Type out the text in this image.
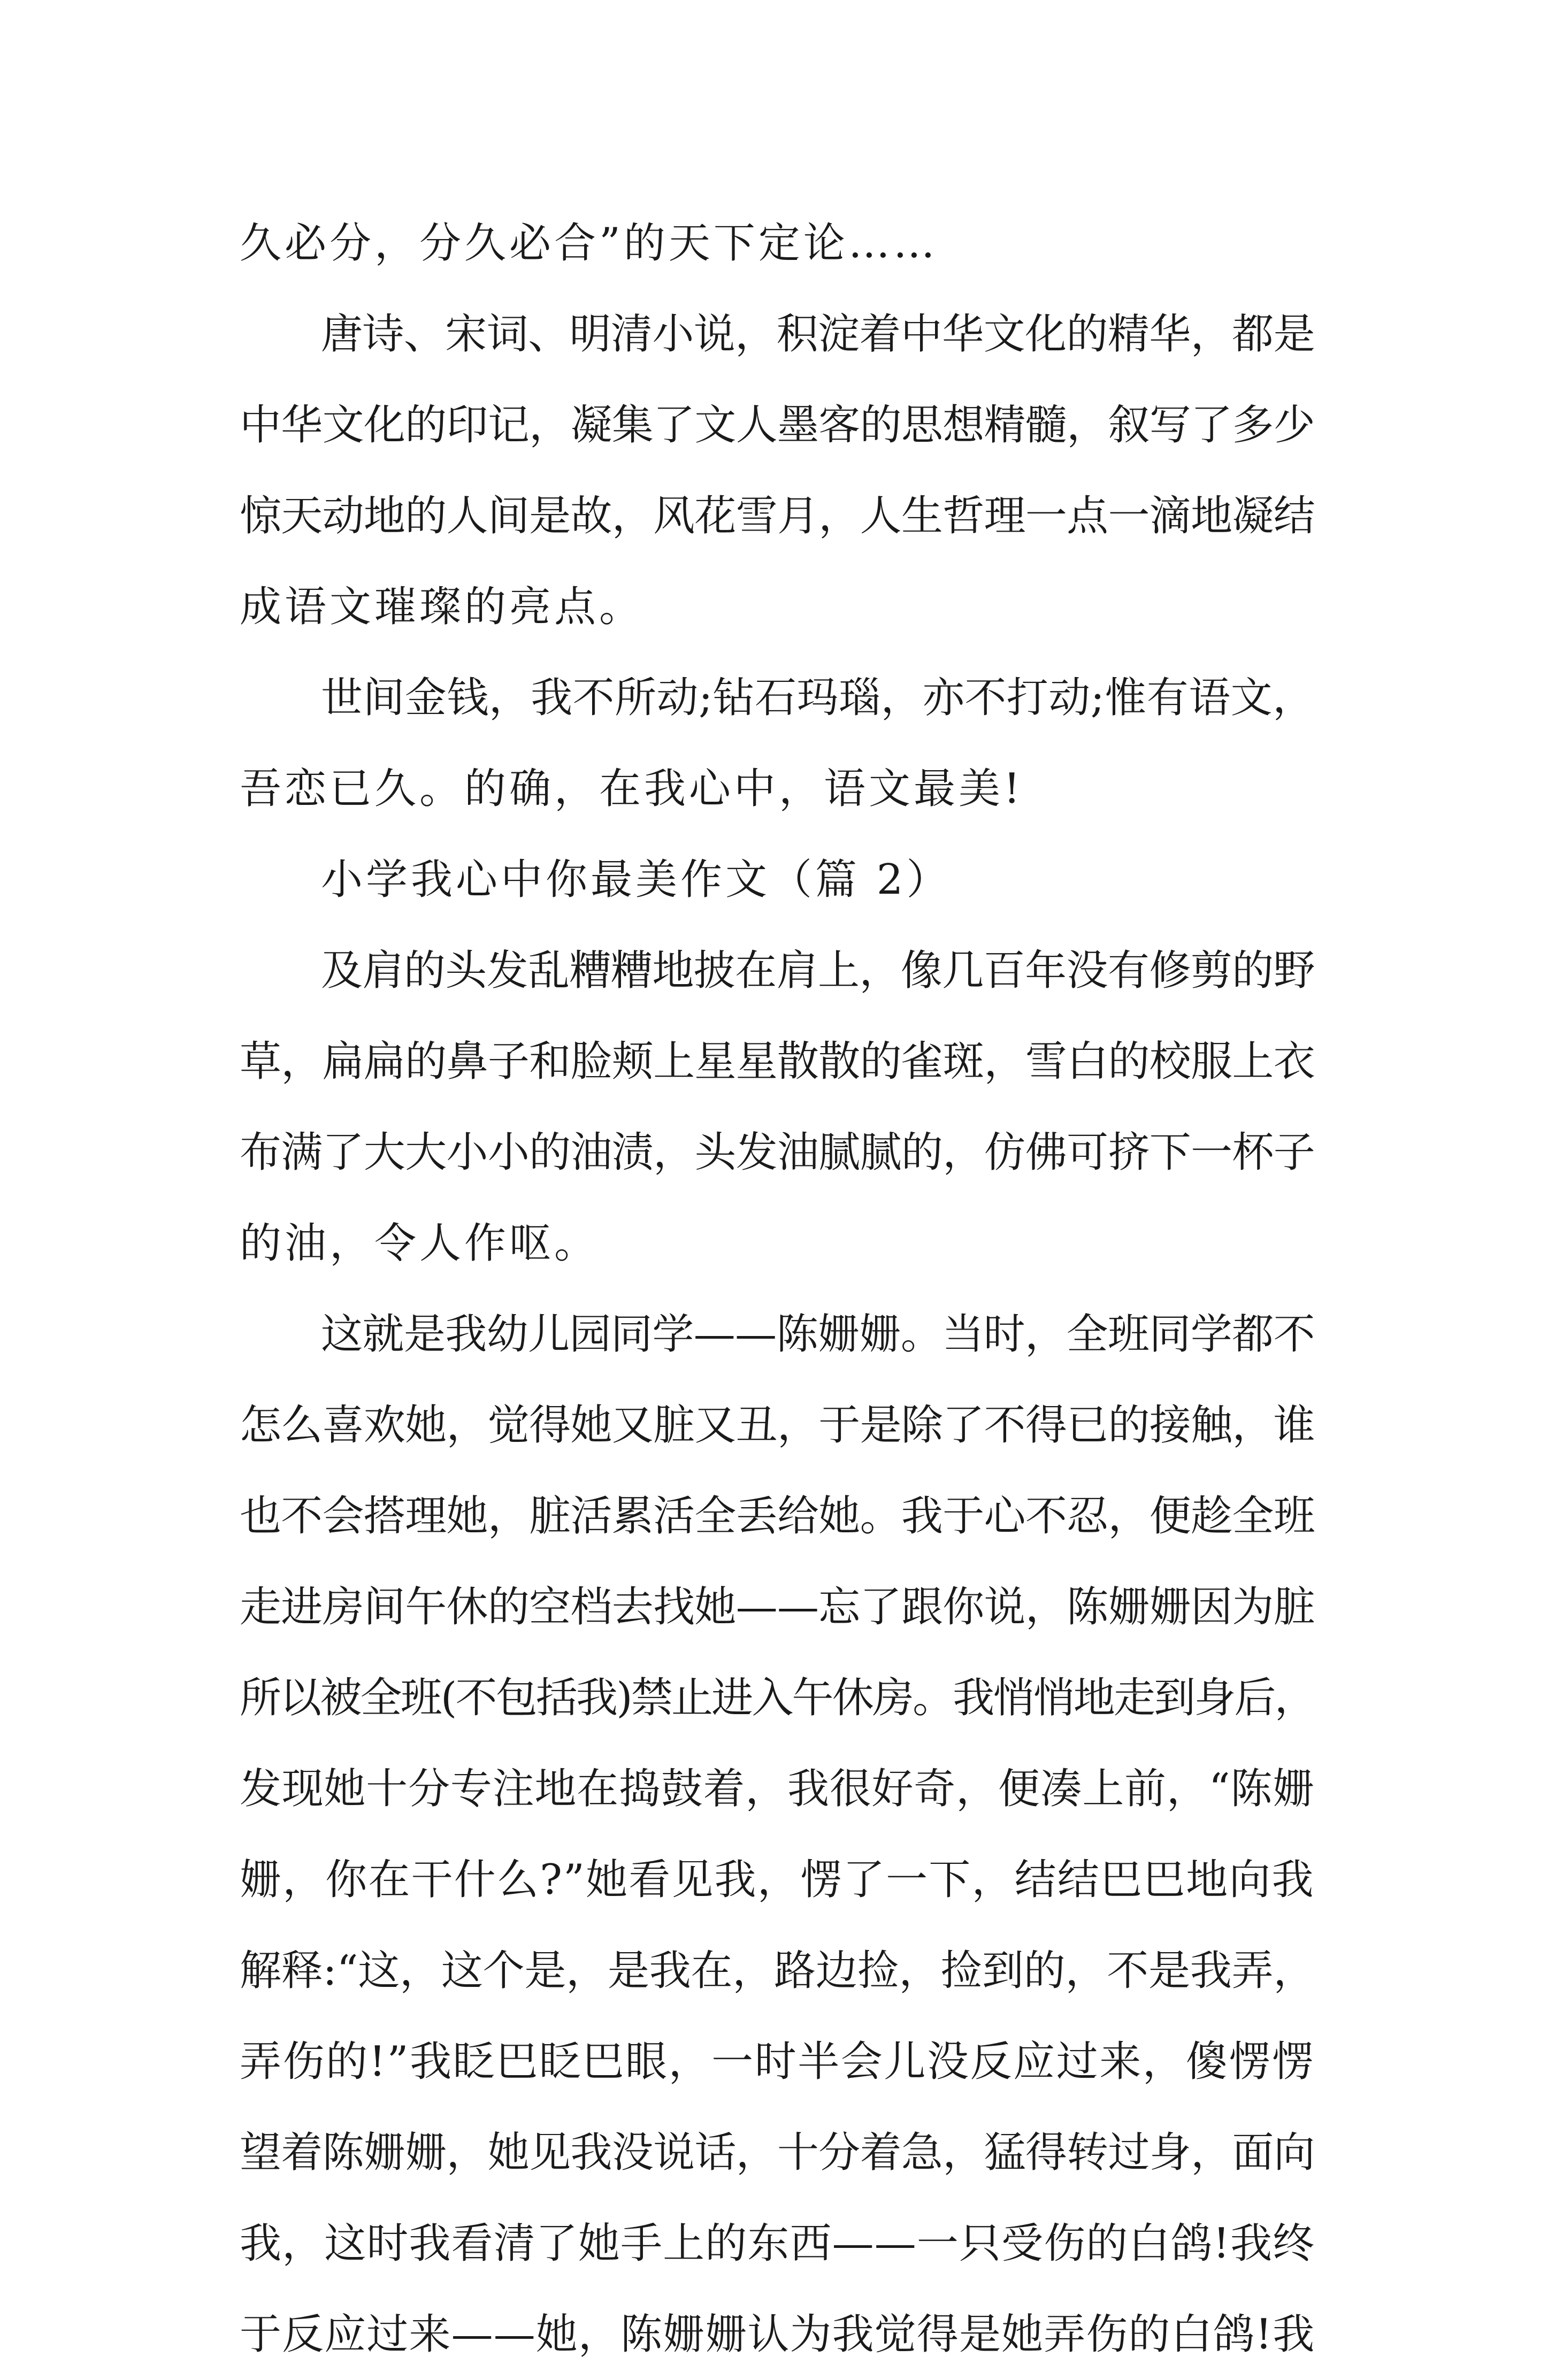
久必分，分久必合”的天下定论……
唐诗、宋词、明清小说，积淀着中华文化的精华，都是
中华文化的印记，凝集了文人墨客的思想精髓，叙写了多少
惊天动地的人间是故，风花雪月，人生哲理一点一滴地凝结
成语文璀璨的亮点。
世间金钱，我不所动;钻石玛瑙，亦不打动;惟有语文，
吾恋已久。的确，在我心中，语文最美!
小学我心中你最美作文（篇 2）
及肩的头发乱糟糟地披在肩上，像几百年没有修剪的野
草，扁扁的鼻子和脸颊上星星散散的雀斑，雪白的校服上衣
布满了大大小小的油渍，头发油腻腻的，仿佛可挤下一杯子
的油，令人作呕。
这就是我幼儿园同学——陈姗姗。当时，全班同学都不
怎么喜欢她，觉得她又脏又丑，于是除了不得已的接触，谁
也不会搭理她，脏活累活全丢给她。我于心不忍，便趁全班
走进房间午休的空档去找她——忘了跟你说，陈姗姗因为脏
所以被全班(不包括我)禁止进入午休房。我悄悄地走到身后，
发现她十分专注地在捣鼓着，我很好奇，便凑上前，“陈姗
姗，你在干什么?”她看见我，愣了一下，结结巴巴地向我
解释:“这，这个是，是我在，路边捡，捡到的，不是我弄，
弄伤的!”我眨巴眨巴眼，一时半会儿没反应过来，傻愣愣
望着陈姗姗，她见我没说话，十分着急，猛得转过身，面向
我，这时我看清了她手上的东西——一只受伤的白鸽!我终
于反应过来——她，陈姗姗认为我觉得是她弄伤的白鸽!我
